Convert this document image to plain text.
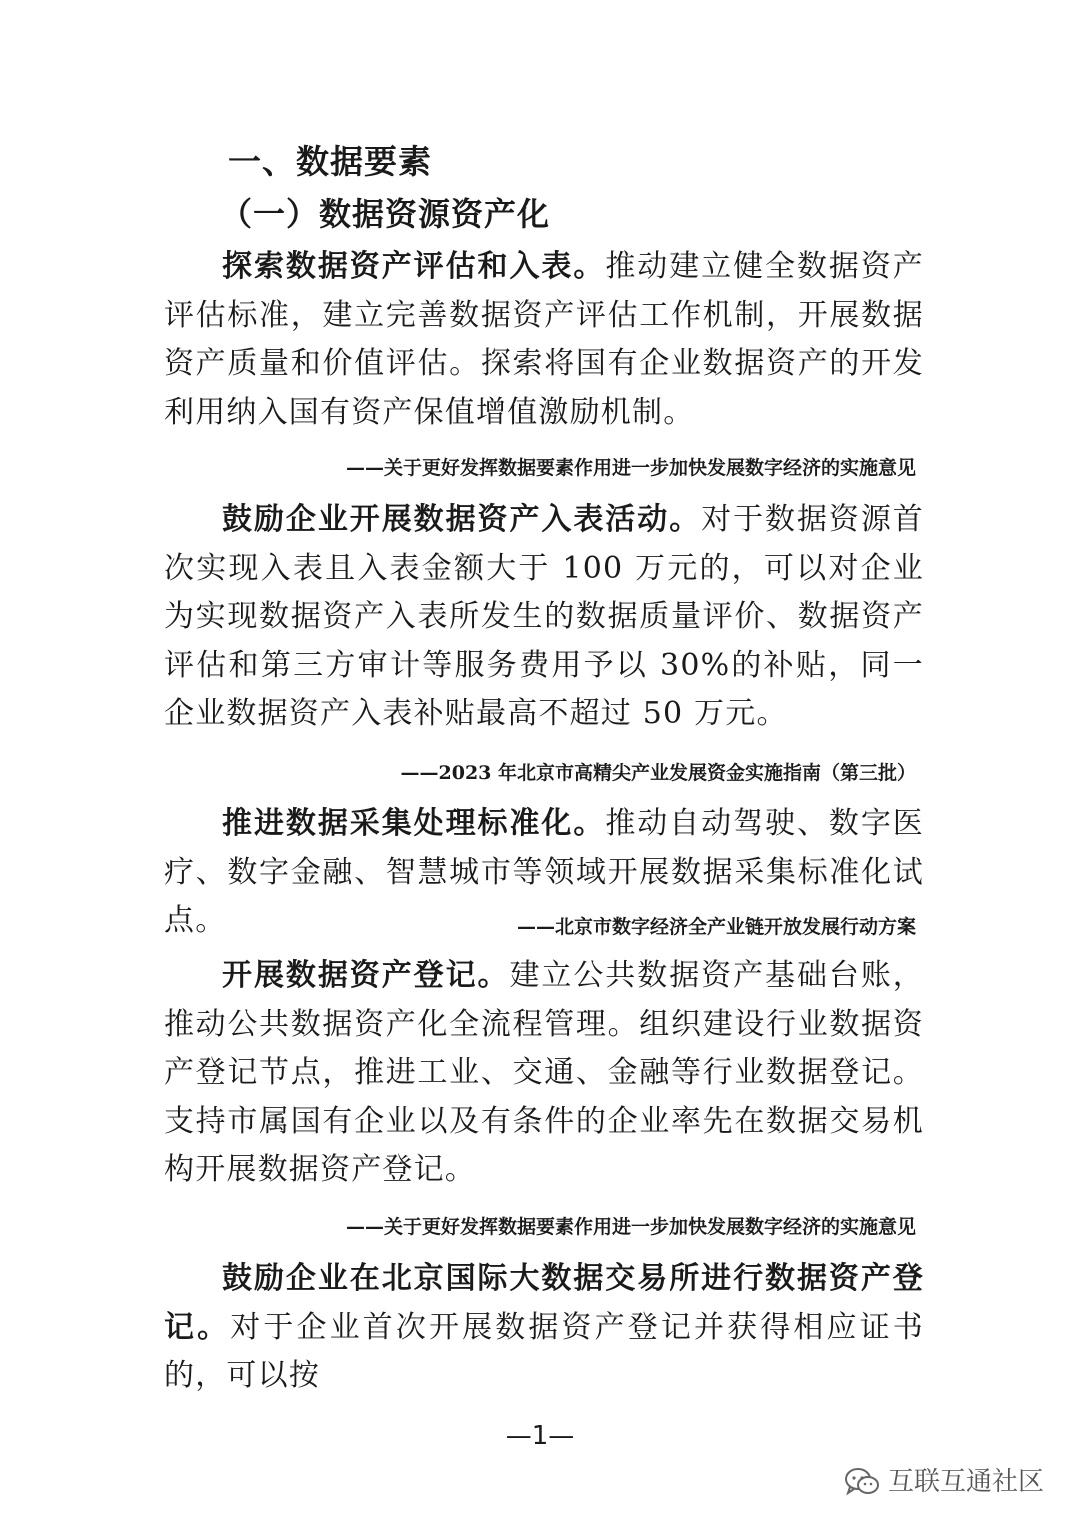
一、数据要素
（一）数据资源资产化
探索数据资产评估和入表。推动建立健全数据资产评估标准，建立完善数据资产评估工作机制，开展数据资产质量和价值评估。探索将国有企业数据资产的开发利用纳入国有资产保值增值激励机制。
——关于更好发挥数据要素作用进一步加快发展数字经济的实施意见
鼓励企业开展数据资产入表活动。对于数据资源首次实现入表且入表金额大于 100 万元的，可以对企业为实现数据资产入表所发生的数据质量评价、数据资产评估和第三方审计等服务费用予以 30%的补贴，同一企业数据资产入表补贴最高不超过 50 万元。
——2023 年北京市高精尖产业发展资金实施指南（第三批）
推进数据采集处理标准化。推动自动驾驶、数字医疗、数字金融、智慧城市等领域开展数据采集标准化试点。	——北京市数字经济全产业链开放发展行动方案
开展数据资产登记。建立公共数据资产基础台账，推动公共数据资产化全流程管理。组织建设行业数据资产登记节点，推进工业、交通、金融等行业数据登记。支持市属国有企业以及有条件的企业率先在数据交易机构开展数据资产登记。
——关于更好发挥数据要素作用进一步加快发展数字经济的实施意见
鼓励企业在北京国际大数据交易所进行数据资产登记。对于企业首次开展数据资产登记并获得相应证书的，可以按
—1—
互联互通社区
